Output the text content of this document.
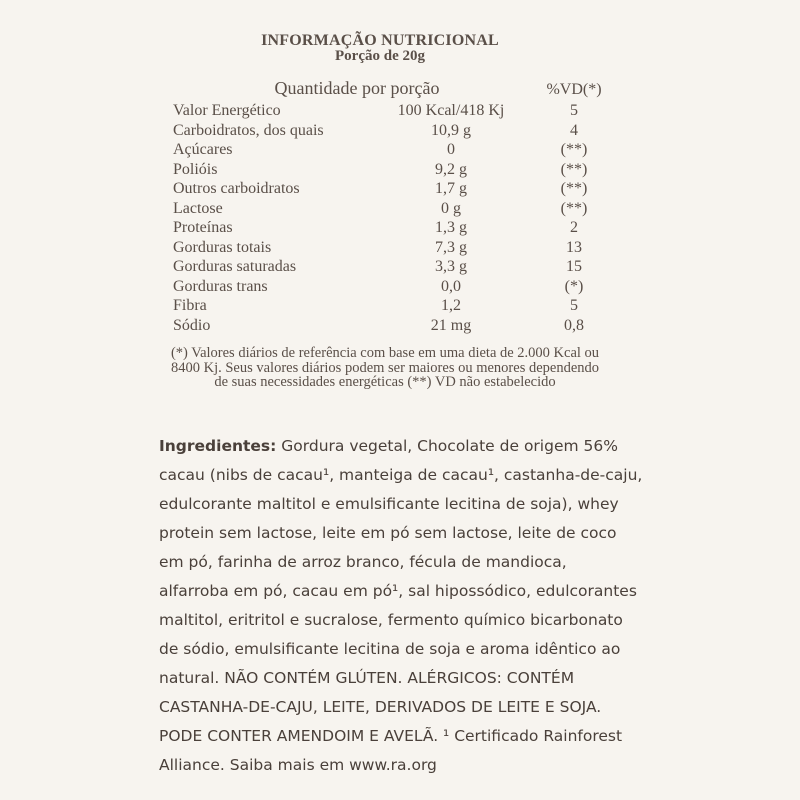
INFORMAÇÃO NUTRICIONAL
Porção de 20g
Quantidade por porção	%VD(*)
Valor Energético	100 Kcal/418 Kj	5
Carboidratos, dos quais	10,9 g	4
Açúcares	0	(**)
Polióis	9,2 g	(**)
Outros carboidratos	1,7 g	(**)
Lactose	0 g	(**)
Proteínas	1,3 g	2
Gorduras totais	7,3 g	13
Gorduras saturadas	3,3 g	15
Gorduras trans	0,0	(*)
Fibra	1,2	5
Sódio	21 mg	0,8

(*) Valores diários de referência com base em uma dieta de 2.000 Kcal ou
8400 Kj. Seus valores diários podem ser maiores ou menores dependendo
de suas necessidades energéticas (**) VD não estabelecido

Ingredientes: Gordura vegetal, Chocolate de origem 56%
cacau (nibs de cacau¹, manteiga de cacau¹, castanha-de-caju,
edulcorante maltitol e emulsificante lecitina de soja), whey
protein sem lactose, leite em pó sem lactose, leite de coco
em pó, farinha de arroz branco, fécula de mandioca,
alfarroba em pó, cacau em pó¹, sal hipossódico, edulcorantes
maltitol, eritritol e sucralose, fermento químico bicarbonato
de sódio, emulsificante lecitina de soja e aroma idêntico ao
natural. NÃO CONTÉM GLÚTEN. ALÉRGICOS: CONTÉM
CASTANHA-DE-CAJU, LEITE, DERIVADOS DE LEITE E SOJA.
PODE CONTER AMENDOIM E AVELÃ. ¹ Certificado Rainforest
Alliance. Saiba mais em www.ra.org
